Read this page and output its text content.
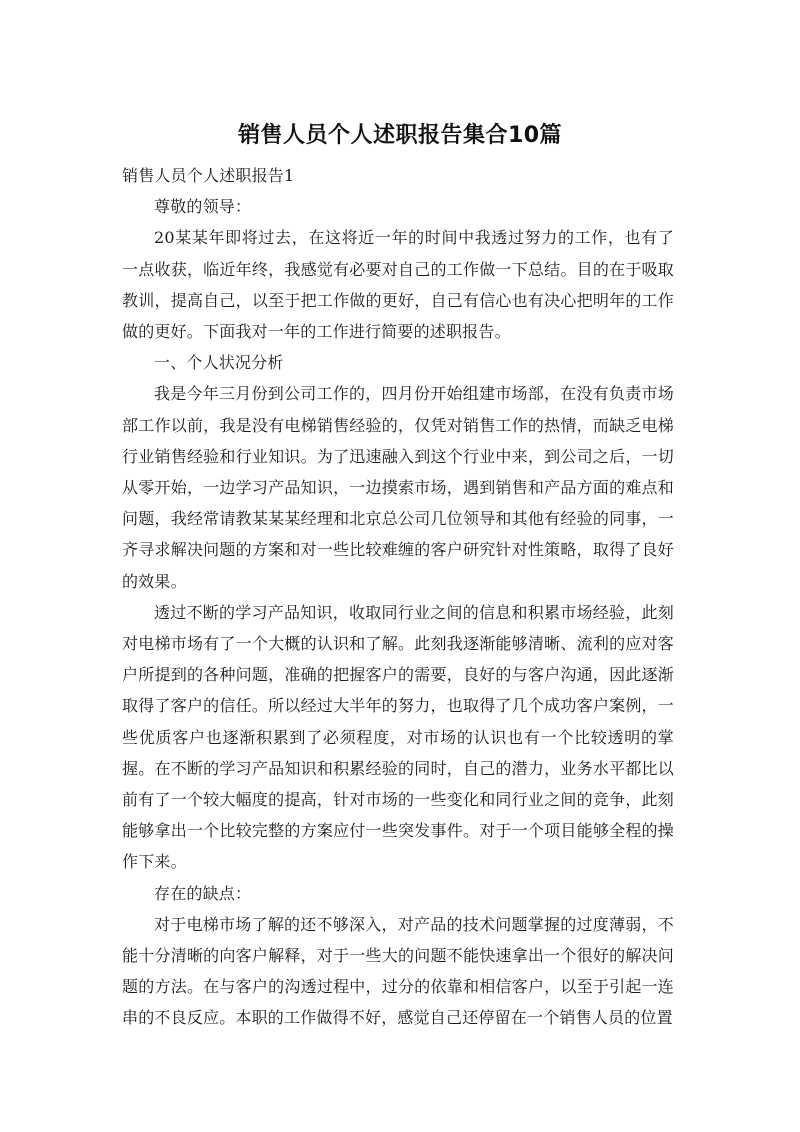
销售人员个人述职报告集合10篇

销售人员个人述职报告1

尊敬的领导：

20某某年即将过去，在这将近一年的时间中我透过努力的工作，也有了一点收获，临近年终，我感觉有必要对自己的工作做一下总结。目的在于吸取教训，提高自己，以至于把工作做的更好，自己有信心也有决心把明年的工作做的更好。下面我对一年的工作进行简要的述职报告。

一、个人状况分析

我是今年三月份到公司工作的，四月份开始组建市场部，在没有负责市场部工作以前，我是没有电梯销售经验的，仅凭对销售工作的热情，而缺乏电梯行业销售经验和行业知识。为了迅速融入到这个行业中来，到公司之后，一切从零开始，一边学习产品知识，一边摸索市场，遇到销售和产品方面的难点和问题，我经常请教某某某经理和北京总公司几位领导和其他有经验的同事，一齐寻求解决问题的方案和对一些比较难缠的客户研究针对性策略，取得了良好的效果。

透过不断的学习产品知识，收取同行业之间的信息和积累市场经验，此刻对电梯市场有了一个大概的认识和了解。此刻我逐渐能够清晰、流利的应对客户所提到的各种问题，准确的把握客户的需要，良好的与客户沟通，因此逐渐取得了客户的信任。所以经过大半年的努力，也取得了几个成功客户案例，一些优质客户也逐渐积累到了必须程度，对市场的认识也有一个比较透明的掌握。在不断的学习产品知识和积累经验的同时，自己的潜力，业务水平都比以前有了一个较大幅度的提高，针对市场的一些变化和同行业之间的竞争，此刻能够拿出一个比较完整的方案应付一些突发事件。对于一个项目能够全程的操作下来。

存在的缺点：

对于电梯市场了解的还不够深入，对产品的技术问题掌握的过度薄弱，不能十分清晰的向客户解释，对于一些大的问题不能快速拿出一个很好的解决问题的方法。在与客户的沟透过程中，过分的依靠和相信客户，以至于引起一连串的不良反应。本职的工作做得不好，感觉自己还停留在一个销售人员的位置
